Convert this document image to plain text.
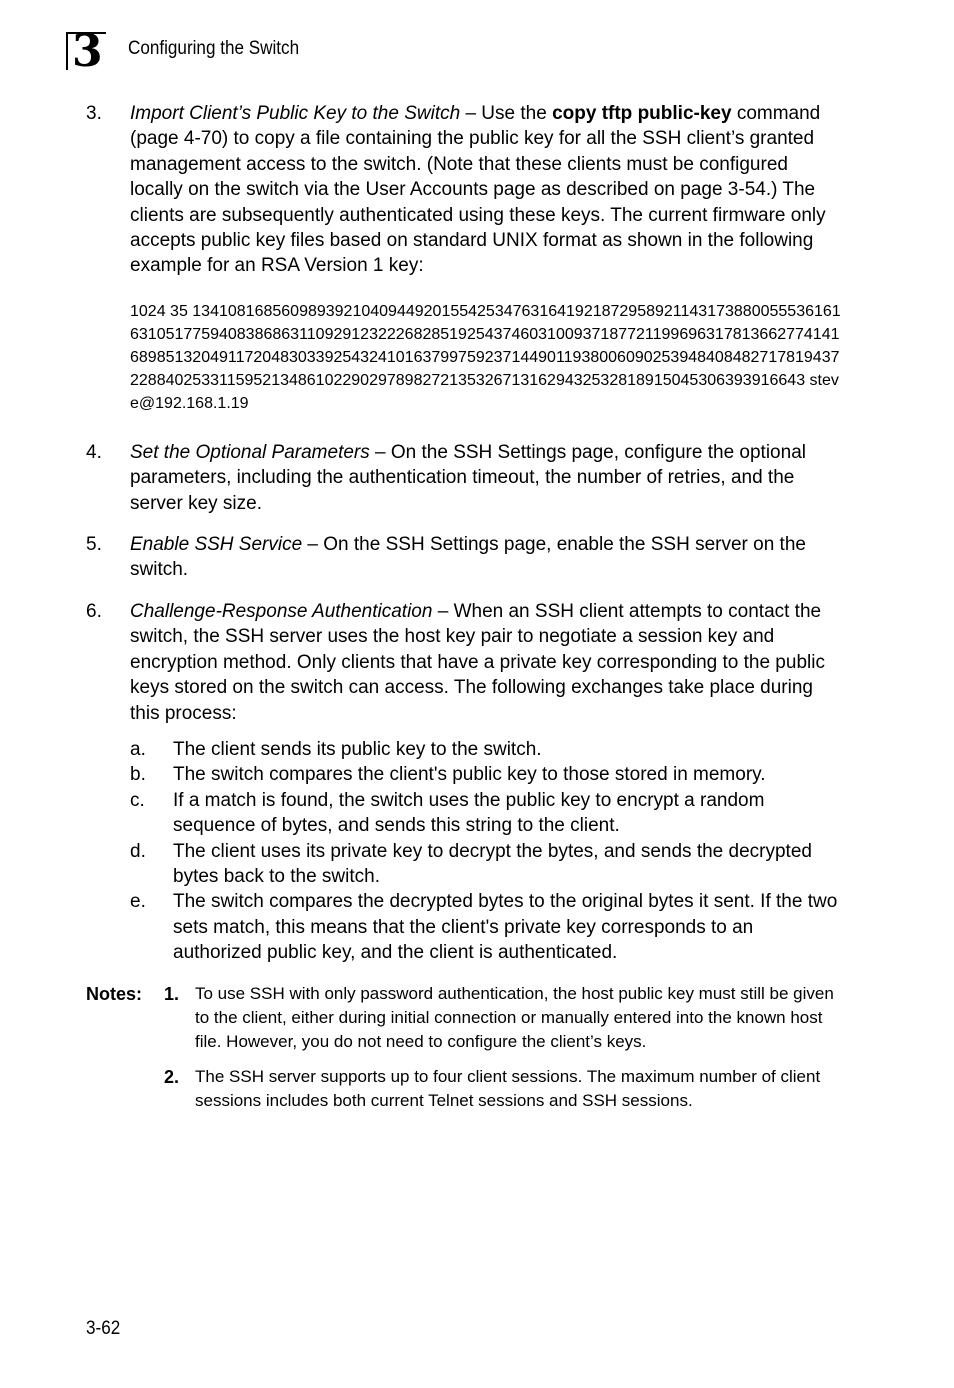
3 Configuring the Switch
3. Import Client’s Public Key to the Switch – Use the copy tftp public-key command (page 4-70) to copy a file containing the public key for all the SSH client’s granted management access to the switch. (Note that these clients must be configured locally on the switch via the User Accounts page as described on page 3-54.) The clients are subsequently authenticated using these keys. The current firmware only accepts public key files based on standard UNIX format as shown in the following example for an RSA Version 1 key:
1024 35 134108168560989392104094492015542534763164192187295892114317388005553616163105177594083868631109291232226828519254374603100937187721199696317813662774141689851320491172048303392543241016379975923714490119380060902539484084827178194372288402533115952134861022902978982721353267131629432532818915045306393916643 steve@192.168.1.19
4. Set the Optional Parameters – On the SSH Settings page, configure the optional parameters, including the authentication timeout, the number of retries, and the server key size.
5. Enable SSH Service – On the SSH Settings page, enable the SSH server on the switch.
6. Challenge-Response Authentication – When an SSH client attempts to contact the switch, the SSH server uses the host key pair to negotiate a session key and encryption method. Only clients that have a private key corresponding to the public keys stored on the switch can access. The following exchanges take place during this process:
a. The client sends its public key to the switch.
b. The switch compares the client's public key to those stored in memory.
c. If a match is found, the switch uses the public key to encrypt a random sequence of bytes, and sends this string to the client.
d. The client uses its private key to decrypt the bytes, and sends the decrypted bytes back to the switch.
e. The switch compares the decrypted bytes to the original bytes it sent. If the two sets match, this means that the client's private key corresponds to an authorized public key, and the client is authenticated.
Notes: 1. To use SSH with only password authentication, the host public key must still be given to the client, either during initial connection or manually entered into the known host file. However, you do not need to configure the client’s keys.
2. The SSH server supports up to four client sessions. The maximum number of client sessions includes both current Telnet sessions and SSH sessions.
3-62
